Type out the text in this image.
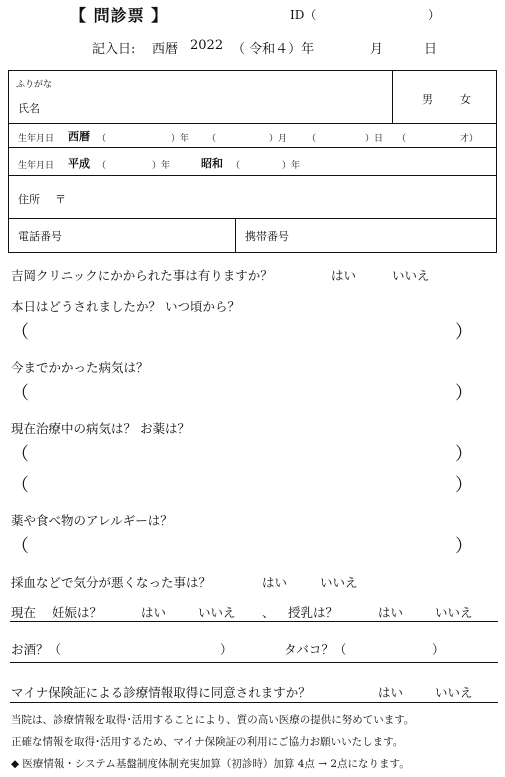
【 問診票 】	ID（	）
記入日: 西暦 2022 （ 令和４）年	月	日
ふりがな
氏名
男 女
生年月日 西暦 （	）年 （	）月 （	）日 （	才）
生年月日 平成 （	）年	昭和 （	）年
住所 〒
電話番号	携帯番号
吉岡クリニックにかかられた事は有りますか？	はい	いいえ
本日はどうされましたか？ いつ頃から？
（	）
今までかかった病気は？
（	）
現在治療中の病気は？ お薬は？
（	）
（	）
薬や食べ物のアレルギーは？
（	）
採血などで気分が悪くなった事は？	はい	いいえ
現在 妊娠は？	はい	いいえ 、 授乳は？	はい	いいえ
お酒？（	）	タバコ？（	）
マイナ保険証による診療情報取得に同意されますか？	はい	いいえ
当院は、診療情報を取得･活用することにより、質の高い医療の提供に努めています。
正確な情報を取得･活用するため、マイナ保険証の利用にご協力お願いいたします。
◆ 医療情報・システム基盤制度体制充実加算（初診時）加算 4点 → 2点になります。
